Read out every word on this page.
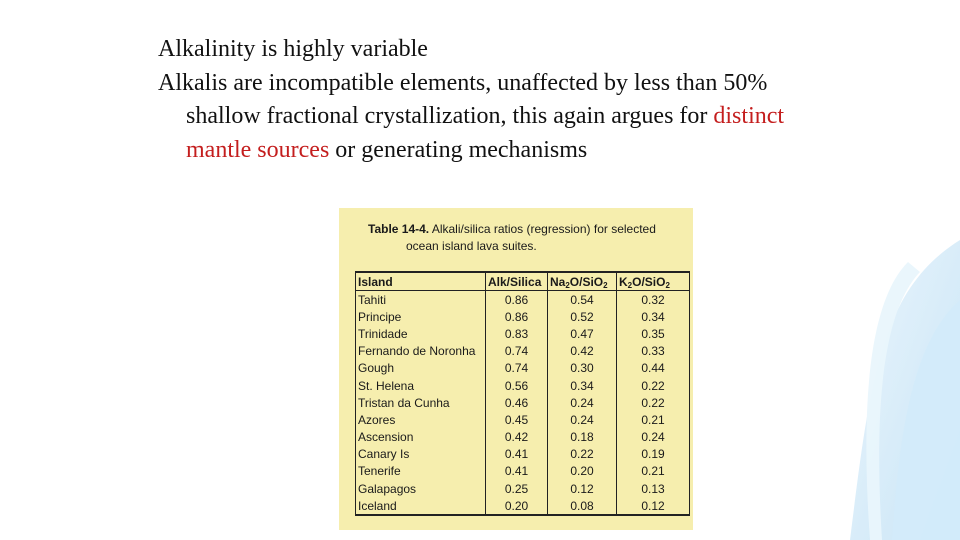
Alkalinity is highly variable
Alkalis are incompatible elements, unaffected by less than 50% shallow fractional crystallization, this again argues for distinct mantle sources or generating mechanisms
Table 14-4. Alkali/silica ratios (regression) for selected
ocean island lava suites.
Island	Alk/Silica	$Na_2O/SiO_2$	$K_2O/SiO_2$
Tahiti	0.86	0.54	0.32
Principe	0.86	0.52	0.34
Trinidade	0.83	0.47	0.35
Fernando de Noronha	0.74	0.42	0.33
Gough	0.74	0.30	0.44
St. Helena	0.56	0.34	0.22
Tristan da Cunha	0.46	0.24	0.22
Azores	0.45	0.24	0.21
Ascension	0.42	0.18	0.24
Canary Is	0.41	0.22	0.19
Tenerife	0.41	0.20	0.21
Galapagos	0.25	0.12	0.13
Iceland	0.20	0.08	0.12
